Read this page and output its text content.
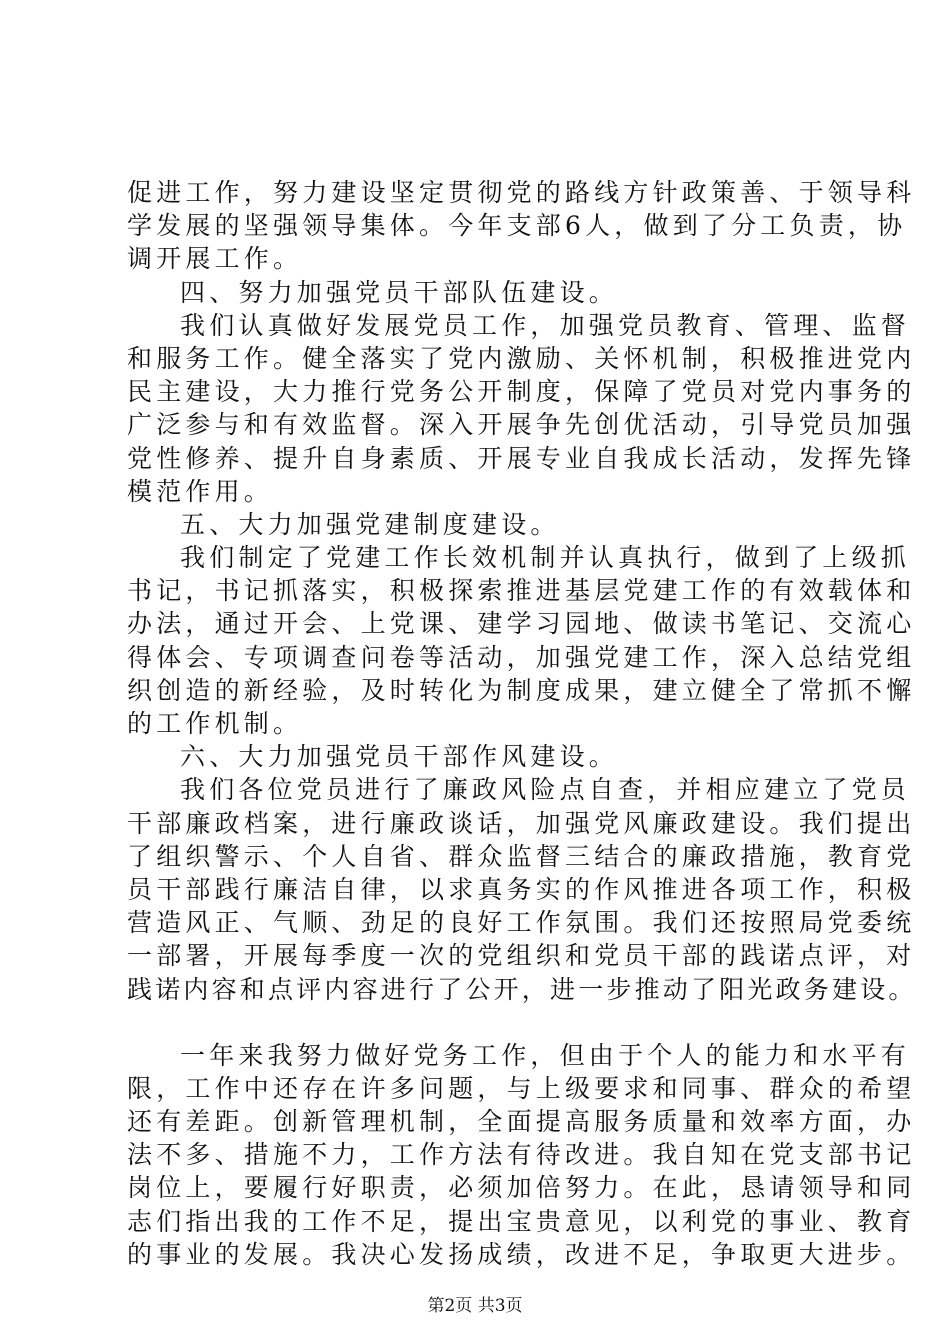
促进工作，努力建设坚定贯彻党的路线方针政策善、于领导科
学发展的坚强领导集体。今年支部6人，做到了分工负责，协
调开展工作。
四、努力加强党员干部队伍建设。
我们认真做好发展党员工作，加强党员教育、管理、监督
和服务工作。健全落实了党内激励、关怀机制，积极推进党内
民主建设，大力推行党务公开制度，保障了党员对党内事务的
广泛参与和有效监督。深入开展争先创优活动，引导党员加强
党性修养、提升自身素质、开展专业自我成长活动，发挥先锋
模范作用。
五、大力加强党建制度建设。
我们制定了党建工作长效机制并认真执行，做到了上级抓
书记，书记抓落实，积极探索推进基层党建工作的有效载体和
办法，通过开会、上党课、建学习园地、做读书笔记、交流心
得体会、专项调查问卷等活动，加强党建工作，深入总结党组
织创造的新经验，及时转化为制度成果，建立健全了常抓不懈
的工作机制。
六、大力加强党员干部作风建设。
我们各位党员进行了廉政风险点自查，并相应建立了党员
干部廉政档案，进行廉政谈话，加强党风廉政建设。我们提出
了组织警示、个人自省、群众监督三结合的廉政措施，教育党
员干部践行廉洁自律，以求真务实的作风推进各项工作，积极
营造风正、气顺、劲足的良好工作氛围。我们还按照局党委统
一部署，开展每季度一次的党组织和党员干部的践诺点评，对
践诺内容和点评内容进行了公开，进一步推动了阳光政务建设。
一年来我努力做好党务工作，但由于个人的能力和水平有
限，工作中还存在许多问题，与上级要求和同事、群众的希望
还有差距。创新管理机制，全面提高服务质量和效率方面，办
法不多、措施不力，工作方法有待改进。我自知在党支部书记
岗位上，要履行好职责，必须加倍努力。在此，恳请领导和同
志们指出我的工作不足，提出宝贵意见，以利党的事业、教育
的事业的发展。我决心发扬成绩，改进不足，争取更大进步。
第2页 共3页
